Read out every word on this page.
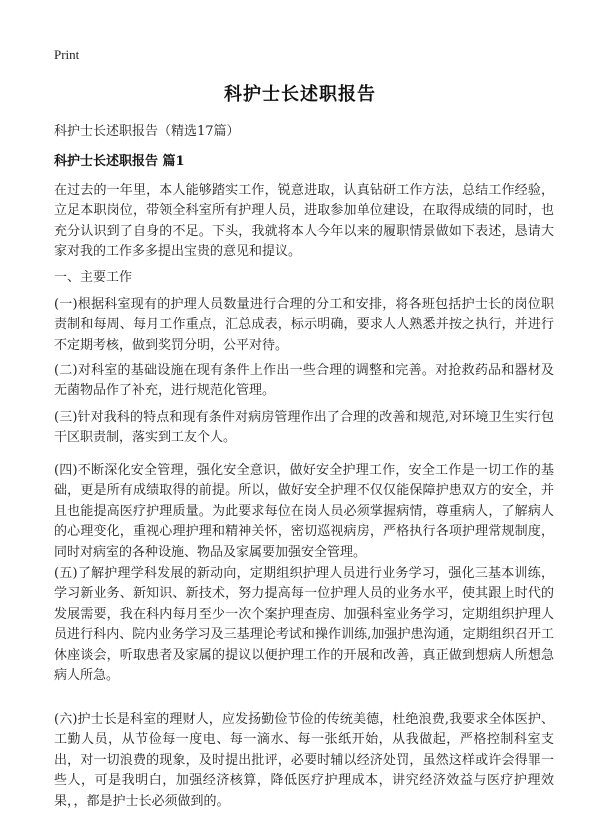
Print
科护士长述职报告
科护士长述职报告（精选17篇）
科护士长述职报告 篇1

在过去的一年里，本人能够踏实工作，锐意进取，认真钻研工作方法，总结工作经验，立足本职岗位，带领全科室所有护理人员，进取参加单位建设，在取得成绩的同时，也充分认识到了自身的不足。下头，我就将本人今年以来的履职情景做如下表述，恳请大家对我的工作多多提出宝贵的意见和提议。

一、主要工作

(一)根据科室现有的护理人员数量进行合理的分工和安排，将各班包括护士长的岗位职责制和每周、每月工作重点，汇总成表，标示明确，要求人人熟悉并按之执行，并进行不定期考核，做到奖罚分明，公平对待。

(二)对科室的基础设施在现有条件上作出一些合理的调整和完善。对抢救药品和器材及无菌物品作了补充，进行规范化管理。

(三)针对我科的特点和现有条件对病房管理作出了合理的改善和规范,对环境卫生实行包干区职责制，落实到工友个人。

(四)不断深化安全管理，强化安全意识，做好安全护理工作，安全工作是一切工作的基础，更是所有成绩取得的前提。所以，做好安全护理不仅仅能保障护患双方的安全，并且也能提高医疗护理质量。为此要求每位在岗人员必须掌握病情，尊重病人，了解病人的心理变化，重视心理护理和精神关怀，密切巡视病房，严格执行各项护理常规制度，同时对病室的各种设施、物品及家属要加强安全管理。

(五)了解护理学科发展的新动向，定期组织护理人员进行业务学习，强化三基本训练，学习新业务、新知识、新技术，努力提高每一位护理人员的业务水平，使其跟上时代的发展需要，我在科内每月至少一次个案护理查房、加强科室业务学习，定期组织护理人员进行科内、院内业务学习及三基理论考试和操作训练,加强护患沟通，定期组织召开工休座谈会，听取患者及家属的提议以便护理工作的开展和改善，真正做到想病人所想急病人所急。

(六)护士长是科室的理财人，应发扬勤俭节俭的传统美德，杜绝浪费,我要求全体医护、工勤人员，从节俭每一度电、每一滴水、每一张纸开始，从我做起，严格控制科室支出，对一切浪费的现象，及时提出批评，必要时辅以经济处罚，虽然这样或许会得罪一些人，可是我明白，加强经济核算，降低医疗护理成本，讲究经济效益与医疗护理效果，，都是护士长必须做到的。
